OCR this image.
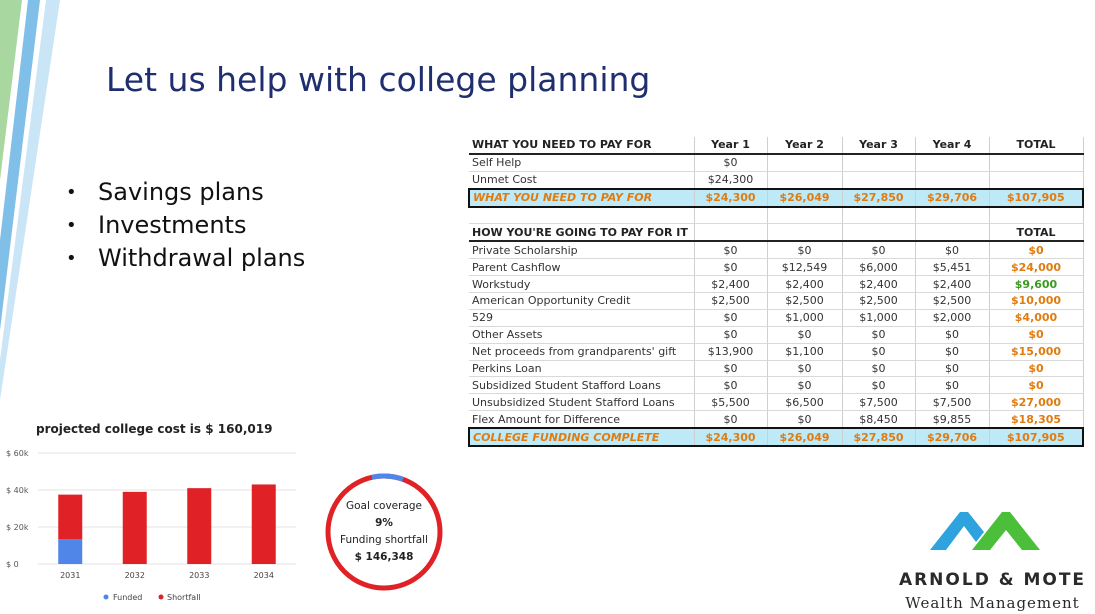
Let us help with college planning
• Savings plans
• Investments
• Withdrawal plans
WHAT YOU NEED TO PAY FOR	Year 1	Year 2	Year 3	Year 4	TOTAL
Self Help	$0				
Unmet Cost	$24,300				
WHAT YOU NEED TO PAY FOR	$24,300	$26,049	$27,850	$29,706	$107,905

HOW YOU'RE GOING TO PAY FOR IT					TOTAL
Private Scholarship	$0	$0	$0	$0	$0
Parent Cashflow	$0	$12,549	$6,000	$5,451	$24,000
Workstudy	$2,400	$2,400	$2,400	$2,400	$9,600
American Opportunity Credit	$2,500	$2,500	$2,500	$2,500	$10,000
529	$0	$1,000	$1,000	$2,000	$4,000
Other Assets	$0	$0	$0	$0	$0
Net proceeds from grandparents' gift	$13,900	$1,100	$0	$0	$15,000
Perkins Loan	$0	$0	$0	$0	$0
Subsidized Student Stafford Loans	$0	$0	$0	$0	$0
Unsubsidized Student Stafford Loans	$5,500	$6,500	$7,500	$7,500	$27,000
Flex Amount for Difference	$0	$0	$8,450	$9,855	$18,305
COLLEGE FUNDING COMPLETE	$24,300	$26,049	$27,850	$29,706	$107,905
projected college cost is $ 160,019
$ 0
$ 20k
$ 40k
$ 60k
2031	2032	2033	2034
Funded	Shortfall
Goal coverage
9%
Funding shortfall
$ 146,348
ARNOLD & MOTE
Wealth Management
